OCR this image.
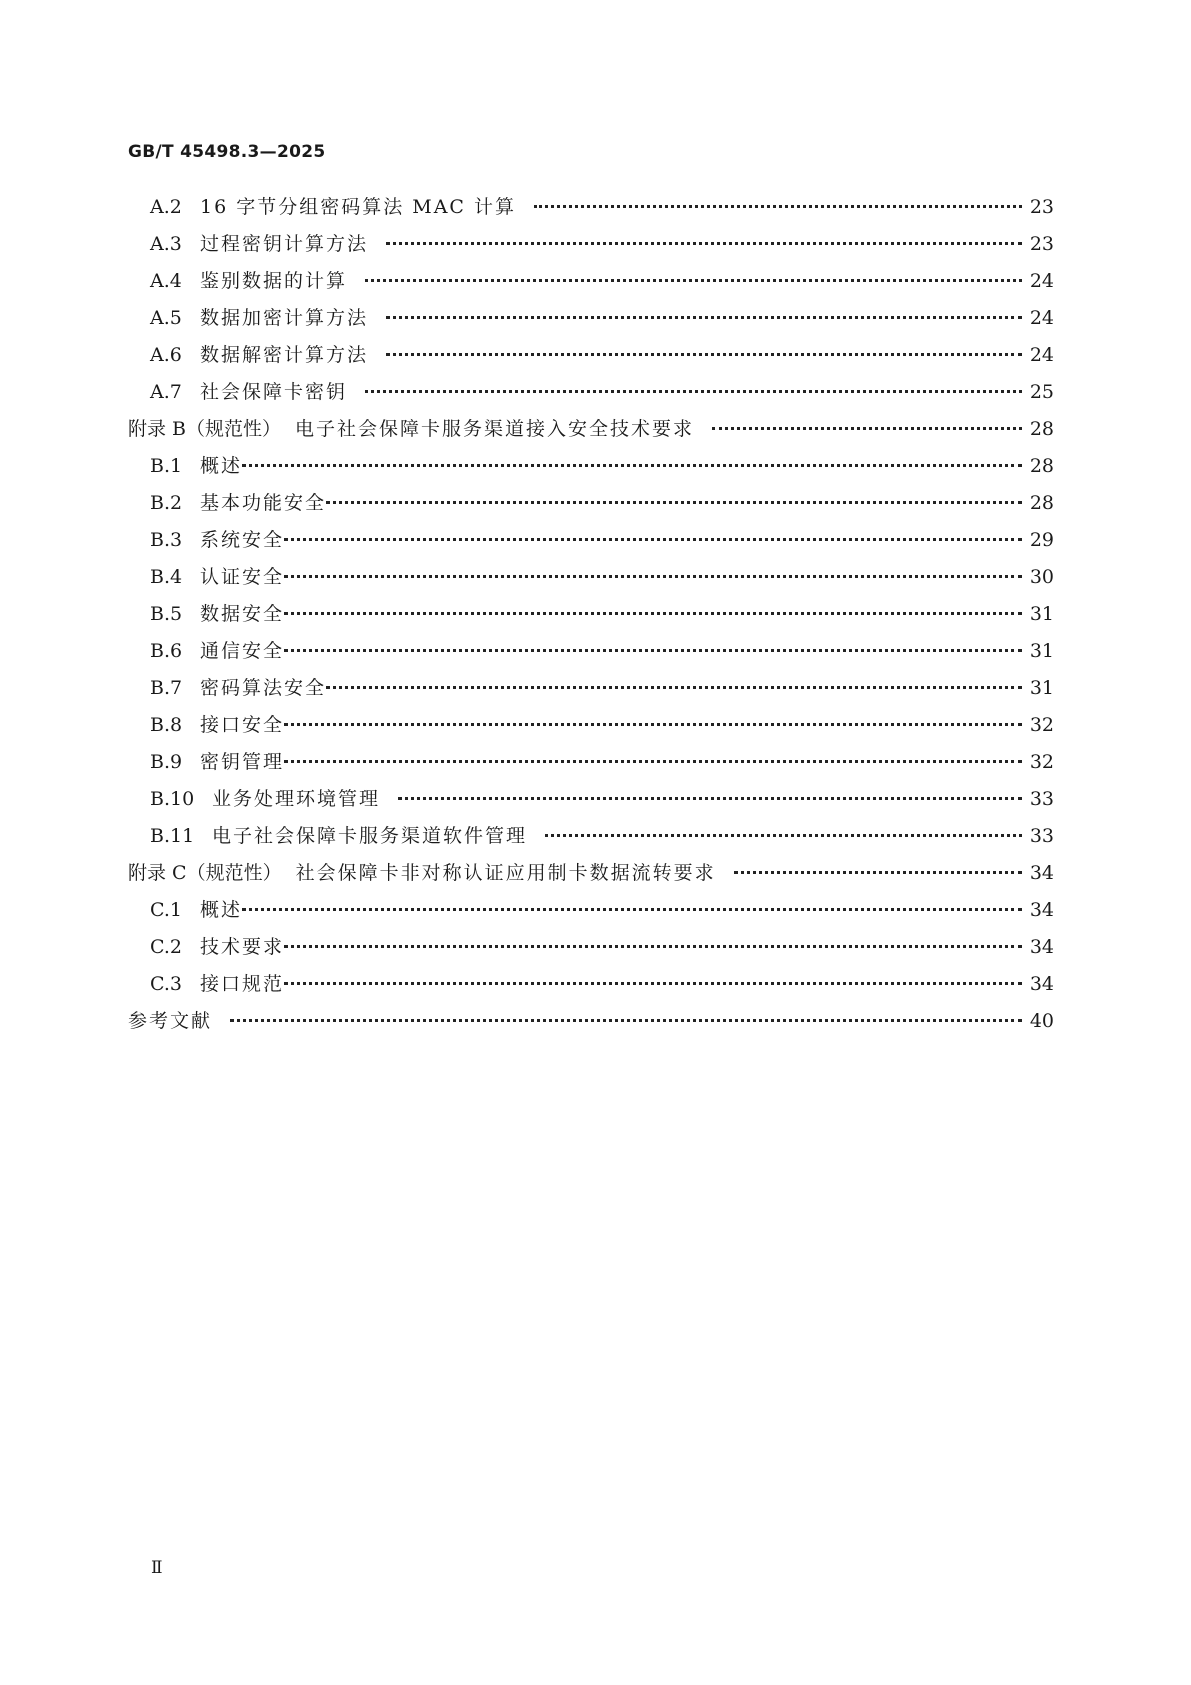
GB/T 45498.3—2025
A.2 16 字节分组密码算法 MAC 计算	23
A.3 过程密钥计算方法	23
A.4 鉴别数据的计算	24
A.5 数据加密计算方法	24
A.6 数据解密计算方法	24
A.7 社会保障卡密钥	25
附录 B（规范性） 电子社会保障卡服务渠道接入安全技术要求	28
B.1 概述	28
B.2 基本功能安全	28
B.3 系统安全	29
B.4 认证安全	30
B.5 数据安全	31
B.6 通信安全	31
B.7 密码算法安全	31
B.8 接口安全	32
B.9 密钥管理	32
B.10 业务处理环境管理	33
B.11 电子社会保障卡服务渠道软件管理	33
附录 C（规范性） 社会保障卡非对称认证应用制卡数据流转要求	34
C.1 概述	34
C.2 技术要求	34
C.3 接口规范	34
参考文献	40
Ⅱ
